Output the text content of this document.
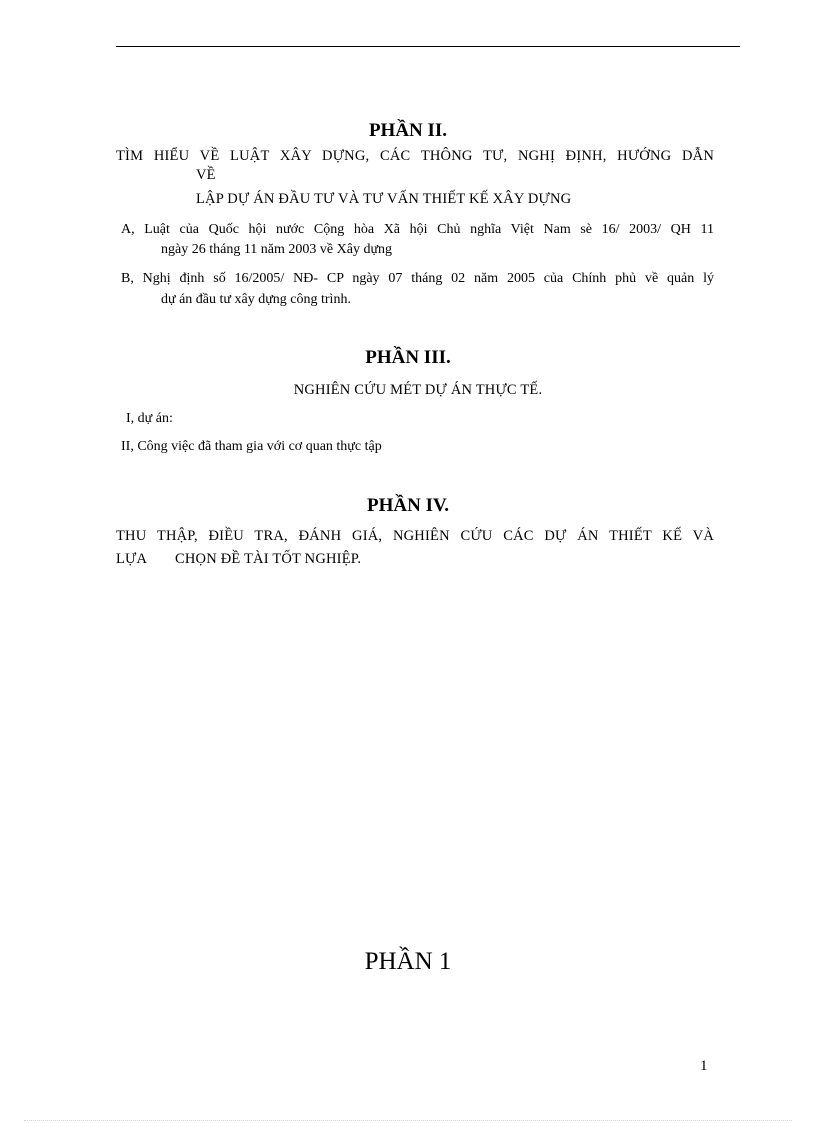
PHẦN II.
TÌM HIỂU VỀ LUẬT XÂY DỰNG, CÁC THÔNG TƯ, NGHỊ ĐỊNH, HƯỚNG DẪN
VỀ
LẬP DỰ ÁN ĐẦU TƯ VÀ TƯ VẤN THIẾT KẾ XÂY DỰNG
A, Luật của Quốc hội nước Cộng hòa Xã hội Chủ nghĩa Việt Nam sè 16/ 2003/ QH 11
ngày 26 tháng 11 năm 2003 về Xây dựng
B, Nghị định số 16/2005/ NĐ- CP ngày 07 tháng 02 năm 2005 của Chính phủ về quản lý
dự án đầu tư xây dựng công trình.
PHẦN III.
NGHIÊN CỨU MÉT DỰ ÁN THỰC TẾ.
I, dự án:
II, Công việc đã tham gia với cơ quan thực tập
PHẦN IV.
THU THẬP, ĐIỀU TRA, ĐÁNH GIÁ, NGHIÊN CỨU CÁC DỰ ÁN THIẾT KẾ VÀ
LỰA CHỌN ĐỀ TÀI TỐT NGHIỆP.
PHẦN 1
1
